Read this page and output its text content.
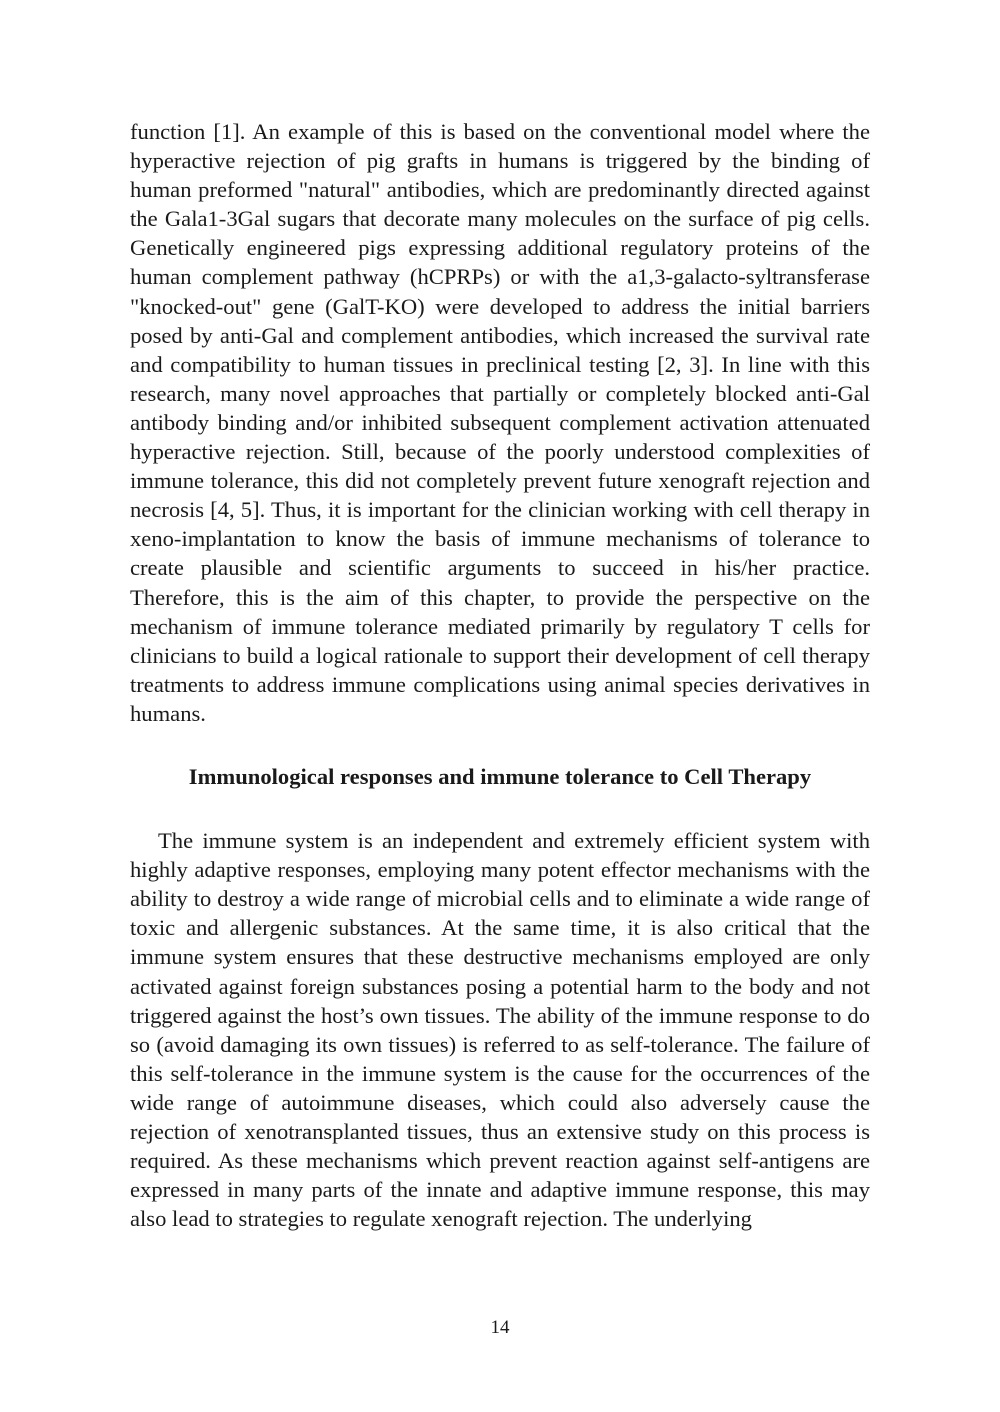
function [1]. An example of this is based on the conventional model where the hyperactive rejection of pig grafts in humans is triggered by the binding of human preformed "natural" antibodies, which are predominantly directed against the Gala1-3Gal sugars that decorate many molecules on the surface of pig cells. Genetically engineered pigs expressing additional regulatory proteins of the human complement pathway (hCPRPs) or with the a1,3-galacto-syltransferase "knocked-out" gene (GalT-KO) were developed to address the initial barriers posed by anti-Gal and complement antibodies, which increased the survival rate and compatibility to human tissues in preclinical testing [2, 3]. In line with this research, many novel approaches that partially or completely blocked anti-Gal antibody binding and/or inhibited subsequent complement activation attenuated hyperactive rejection. Still, because of the poorly understood complexities of immune tolerance, this did not completely prevent future xenograft rejection and necrosis [4, 5]. Thus, it is important for the clinician working with cell therapy in xeno-implantation to know the basis of immune mechanisms of tolerance to create plausible and scientific arguments to succeed in his/her practice. Therefore, this is the aim of this chapter, to provide the perspective on the mechanism of immune tolerance mediated primarily by regulatory T cells for clinicians to build a logical rationale to support their development of cell therapy treatments to address immune complications using animal species derivatives in humans.

Immunological responses and immune tolerance to Cell Therapy

The immune system is an independent and extremely efficient system with highly adaptive responses, employing many potent effector mechanisms with the ability to destroy a wide range of microbial cells and to eliminate a wide range of toxic and allergenic substances. At the same time, it is also critical that the immune system ensures that these destructive mechanisms employed are only activated against foreign substances posing a potential harm to the body and not triggered against the host’s own tissues. The ability of the immune response to do so (avoid damaging its own tissues) is referred to as self-tolerance. The failure of this self-tolerance in the immune system is the cause for the occurrences of the wide range of autoimmune diseases, which could also adversely cause the rejection of xenotransplanted tissues, thus an extensive study on this process is required. As these mechanisms which prevent reaction against self-antigens are expressed in many parts of the innate and adaptive immune response, this may also lead to strategies to regulate xenograft rejection. The underlying

14
